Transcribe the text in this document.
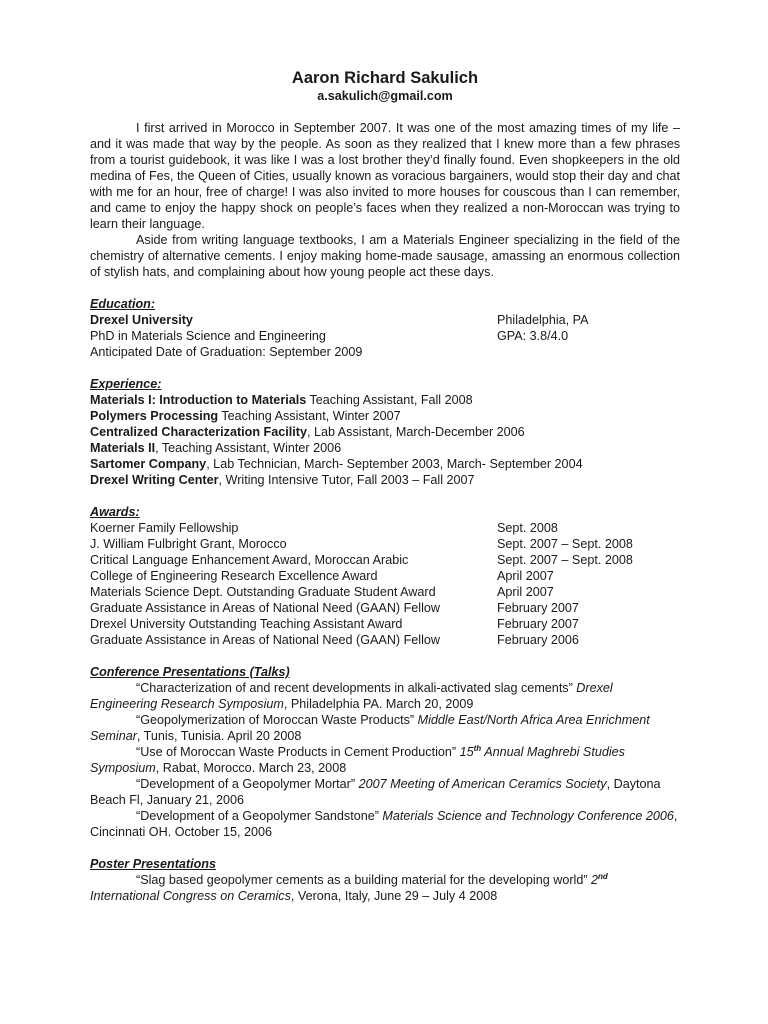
Aaron Richard Sakulich

a.sakulich@gmail.com

I first arrived in Morocco in September 2007. It was one of the most amazing times of my life – and it was made that way by the people. As soon as they realized that I knew more than a few phrases from a tourist guidebook, it was like I was a lost brother they’d finally found. Even shopkeepers in the old medina of Fes, the Queen of Cities, usually known as voracious bargainers, would stop their day and chat with me for an hour, free of charge! I was also invited to more houses for couscous than I can remember, and came to enjoy the happy shock on people’s faces when they realized a non-Moroccan was trying to learn their language.

Aside from writing language textbooks, I am a Materials Engineer specializing in the field of the chemistry of alternative cements. I enjoy making home-made sausage, amassing an enormous collection of stylish hats, and complaining about how young people act these days.

Education:
Drexel University	Philadelphia, PA
PhD in Materials Science and Engineering	GPA: 3.8/4.0
Anticipated Date of Graduation: September 2009
Experience:
Materials I: Introduction to Materials Teaching Assistant, Fall 2008
Polymers Processing Teaching Assistant, Winter 2007
Centralized Characterization Facility, Lab Assistant, March-December 2006
Materials II, Teaching Assistant, Winter 2006
Sartomer Company, Lab Technician, March- September 2003, March- September 2004
Drexel Writing Center, Writing Intensive Tutor, Fall 2003 – Fall 2007
Awards:
Koerner Family Fellowship	Sept. 2008
J. William Fulbright Grant, Morocco	Sept. 2007 – Sept. 2008
Critical Language Enhancement Award, Moroccan Arabic	Sept. 2007 – Sept. 2008
College of Engineering Research Excellence Award	April 2007
Materials Science Dept. Outstanding Graduate Student Award	April 2007
Graduate Assistance in Areas of National Need (GAAN) Fellow	February 2007
Drexel University Outstanding Teaching Assistant Award	February 2007
Graduate Assistance in Areas of National Need (GAAN) Fellow	February 2006
Conference Presentations (Talks)

“Characterization of and recent developments in alkali-activated slag cements” Drexel Engineering Research Symposium, Philadelphia PA. March 20, 2009

“Geopolymerization of Moroccan Waste Products” Middle East/North Africa Area Enrichment Seminar, Tunis, Tunisia. April 20 2008

“Use of Moroccan Waste Products in Cement Production” 15th Annual Maghrebi Studies Symposium, Rabat, Morocco. March 23, 2008

“Development of a Geopolymer Mortar” 2007 Meeting of American Ceramics Society, Daytona Beach Fl, January 21, 2006

“Development of a Geopolymer Sandstone” Materials Science and Technology Conference 2006, Cincinnati OH. October 15, 2006

Poster Presentations

“Slag based geopolymer cements as a building material for the developing world” 2nd International Congress on Ceramics, Verona, Italy, June 29 – July 4 2008
